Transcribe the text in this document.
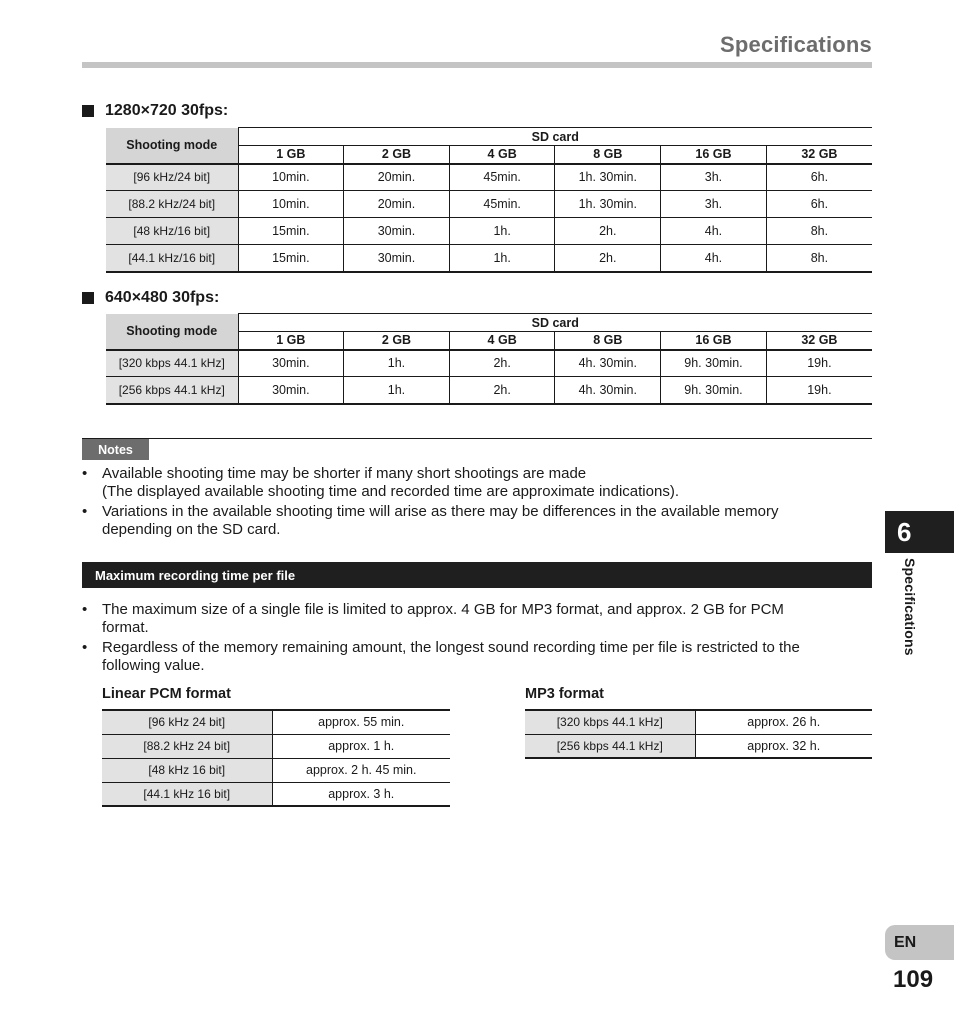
Specifications
1280×720 30fps:
Shooting mode	SD card					
	1 GB	2 GB	4 GB	8 GB	16 GB	32 GB
[96 kHz/24 bit]	10min.	20min.	45min.	1h. 30min.	3h.	6h.
[88.2 kHz/24 bit]	10min.	20min.	45min.	1h. 30min.	3h.	6h.
[48 kHz/16 bit]	15min.	30min.	1h.	2h.	4h.	8h.
[44.1 kHz/16 bit]	15min.	30min.	1h.	2h.	4h.	8h.
640×480 30fps:
Shooting mode	SD card					
	1 GB	2 GB	4 GB	8 GB	16 GB	32 GB
[320 kbps 44.1 kHz]	30min.	1h.	2h.	4h. 30min.	9h. 30min.	19h.
[256 kbps 44.1 kHz]	30min.	1h.	2h.	4h. 30min.	9h. 30min.	19h.
Notes
• Available shooting time may be shorter if many short shootings are made
(The displayed available shooting time and recorded time are approximate indications).
• Variations in the available shooting time will arise as there may be differences in the available memory
depending on the SD card.
Maximum recording time per file
• The maximum size of a single file is limited to approx. 4 GB for MP3 format, and approx. 2 GB for PCM
format.
• Regardless of the memory remaining amount, the longest sound recording time per file is restricted to the
following value.
Linear PCM format	MP3 format
[96 kHz 24 bit]	approx. 55 min.
[88.2 kHz 24 bit]	approx. 1 h.
[48 kHz 16 bit]	approx. 2 h. 45 min.
[44.1 kHz 16 bit]	approx. 3 h.
[320 kbps 44.1 kHz]	approx. 26 h.
[256 kbps 44.1 kHz]	approx. 32 h.
6
Specifications
EN
109
